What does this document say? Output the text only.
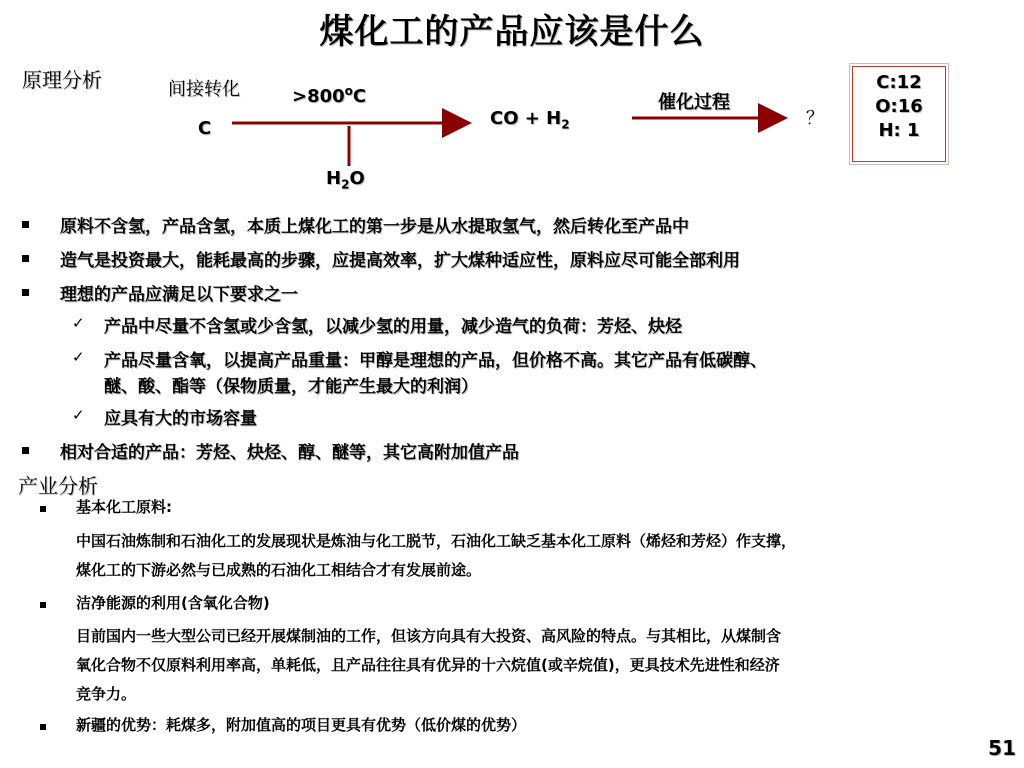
煤化工的产品应该是什么
原理分析	间接转化	$>800^oC$
C
$H_2O$
CO + $H_2$
催化过程
？
C:12
O:16
H: 1
原料不含氢，产品含氢，本质上煤化工的第一步是从水提取氢气，然后转化至产品中
造气是投资最大，能耗最高的步骤，应提高效率，扩大煤种适应性，原料应尽可能全部利用
理想的产品应满足以下要求之一
✓ 产品中尽量不含氢或少含氢，以减少氢的用量，减少造气的负荷：芳烃、炔烃
✓ 产品尽量含氧，以提高产品重量：甲醇是理想的产品，但价格不高。其它产品有低碳醇、
醚、酸、酯等（保物质量，才能产生最大的利润）
✓ 应具有大的市场容量
相对合适的产品：芳烃、炔烃、醇、醚等，其它高附加值产品
产业分析
基本化工原料:
中国石油炼制和石油化工的发展现状是炼油与化工脱节，石油化工缺乏基本化工原料（烯烃和芳烃）作支撑，
煤化工的下游必然与已成熟的石油化工相结合才有发展前途。
洁净能源的利用(含氧化合物)
目前国内一些大型公司已经开展煤制油的工作，但该方向具有大投资、高风险的特点。与其相比，从煤制含
氧化合物不仅原料利用率高，单耗低，且产品往往具有优异的十六烷值(或辛烷值)，更具技术先进性和经济
竞争力。
新疆的优势：耗煤多，附加值高的项目更具有优势（低价煤的优势）
51
